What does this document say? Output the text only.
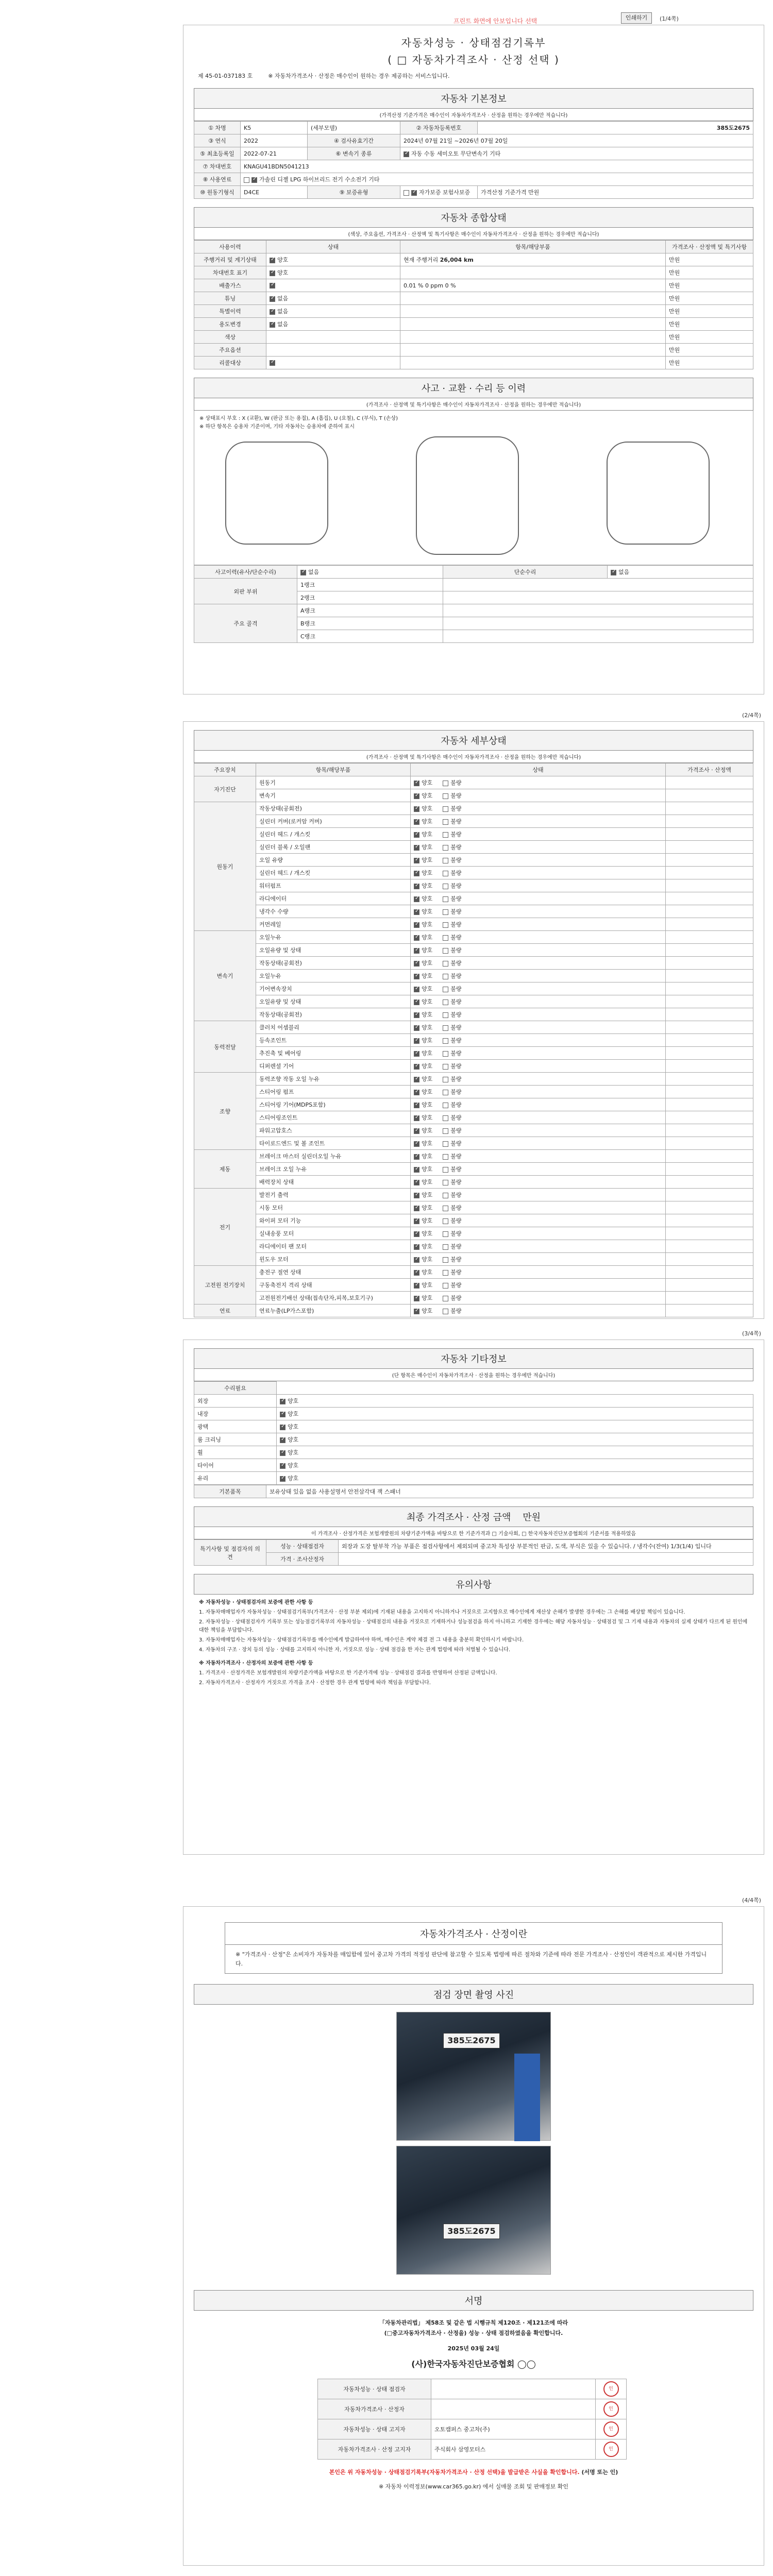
프린트 화면에 안보입니다 선택	인쇄하기	(1/4쪽)
자동차성능 · 상태점검기록부
( □ 자동차가격조사 · 산정 선택 )
제 45-01-037183 호	※ 자동차가격조사 · 산정은 매수인이 원하는 경우 제공하는 서비스입니다.
자동차 기본정보
(가격산정 기준가격은 매수인이 자동차가격조사 · 산정을 원하는 경우에만 적습니다)
① 차명	K5	(세부모델)	② 자동차등록번호	385도2675
③ 연식	2022	④ 검사유효기간	2024년 07월 21일 ~2026년 07월 20일	
⑤ 최초등록일	2022-07-21	⑥ 변속기 종류	✓자동 수동 세미오토 무단변속기 기타
⑦ 차대번호	KNAGU41BDN5041213			
⑧ 사용연료	✓가솔린 디젤 LPG 하이브리드 전기 수소전기 기타
⑩ 원동기형식	D4CE	⑨ 보증유형	✓자가보증 보험사보증	가격산정 기준가격 만원
자동차 종합상태
(색상, 주요옵션, 가격조사 · 산정액 및 특기사항은 매수인이 자동차가격조사 · 산정을 원하는 경우에만 적습니다)
사용이력	상태	항목/해당부품	가격조사 · 산정액 및 특기사항
주행거리 및 계기상태	✓양호	현재 주행거리 26,004 km	만원
차대번호 표기	✓양호		만원
배출가스	✓	0.01 % 0 ppm 0 %	만원
튜닝	✓없음		만원
특별이력	✓없음		만원
용도변경	✓없음		만원
색상			만원
주요옵션			만원
리콜대상	✓		만원
사고 · 교환 · 수리 등 이력
(가격조사 · 산정액 및 특기사항은 매수인이 자동차가격조사 · 산정을 원하는 경우에만 적습니다)
※ 상태표시 부호 : X (교환), W (판금 또는 용접), A (흠집), U (요철), C (부식), T (손상)
※ 하단 항목은 승용차 기준이며, 기타 자동차는 승용차에 준하여 표시
사고이력(유사/단순수리)	✓없음	단순수리	✓없음
외판 부위	1랭크		
	2랭크		
주요 골격	A랭크		
	B랭크		
	C랭크		
(2/4쪽)
자동차 세부상태
(가격조사 · 산정액 및 특기사항은 매수인이 자동차가격조사 · 산정을 원하는 경우에만 적습니다)
주요장치	항목/해당부품	상태	가격조사 · 산정액
자기진단	원동기	✓양호 불량	
	변속기	✓양호 불량	
원동기	작동상태(공회전)	✓양호 불량	
	실린더 커버(로커암 커버)	✓양호 불량	
	실린더 헤드 / 개스킷	✓양호 불량	
	실린더 블록 / 오일팬	✓양호 불량	
	오일 유량	✓양호 불량	
	실린더 헤드 / 개스킷	✓양호 불량	
	워터펌프	✓양호 불량	
	라디에이터	✓양호 불량	
	냉각수 수량	✓양호 불량	
	커먼레일	✓양호 불량	
변속기	오일누유	✓양호 불량	
	오일유량 및 상태	✓양호 불량	
	작동상태(공회전)	✓양호 불량	
	오일누유	✓양호 불량	
	기어변속장치	✓양호 불량	
	오일유량 및 상태	✓양호 불량	
	작동상태(공회전)	✓양호 불량	
동력전달	클러치 어셈블리	✓양호 불량	
	등속조인트	✓양호 불량	
	추진축 및 베어링	✓양호 불량	
	디퍼렌셜 기어	✓양호 불량	
조향	동력조향 작동 오일 누유	✓양호 불량	
	스티어링 펌프	✓양호 불량	
	스티어링 기어(MDPS포함)	✓양호 불량	
	스티어링조인트	✓양호 불량	
	파워고압호스	✓양호 불량	
	타이로드엔드 및 볼 조인트	✓양호 불량	
제동	브레이크 마스터 실린더오일 누유	✓양호 불량	
	브레이크 오일 누유	✓양호 불량	
	배력장치 상태	✓양호 불량	
전기	발전기 출력	✓양호 불량	
	시동 모터	✓양호 불량	
	와이퍼 모터 기능	✓양호 불량	
	실내송풍 모터	✓양호 불량	
	라디에이터 팬 모터	✓양호 불량	
	윈도우 모터	✓양호 불량	
고전원 전기장치	충전구 절연 상태	✓양호 불량	
	구동축전지 격리 상태	✓양호 불량	
	고전원전기배선 상태(접속단자,피복,보호기구)	✓양호 불량	
연료	연료누출(LP가스포함)	✓양호 불량	
(3/4쪽)
자동차 기타정보
(단 항목은 매수인이 자동차가격조사 · 산정을 원하는 경우에만 적습니다)
수리필요	
외장	✓양호
내장	✓양호
광택	✓양호
룸 크리닝	✓양호
휠	✓양호
타이어	✓양호
유리	✓양호
기본품목	보유상태 있음 없음 사용설명서 안전삼각대 잭 스패너
최종 가격조사 · 산정 금액 만원
이 가격조사 · 산정가격은 보험개발원의 차량기준가액을 바탕으로 한 기준가격과 □ 기술사회, □ 한국자동차진단보증협회의 기준서를 적용하였음
특기사항 및 점검자의 의견	성능 · 상태점검자	외장과 도장 탈부착 가능 부품은 점검사항에서 제외되며 중고차 특성상 부분적인 판금, 도색, 부식은 있을 수 있습니다. / 냉각수(잔여) 1/3(1/4) 입니다
	가격 · 조사산정자	
유의사항

※ 자동차성능 · 상태점검자의 보증에 관한 사항 등

1. 자동차매매업자가 자동차성능 · 상태점검기록부(가격조사 · 산정 부분 제외)에 기재된 내용을 고지하지 아니하거나 거짓으로 고지함으로 매수인에게 재산상 손해가 발생한 경우에는 그 손해를 배상할 책임이 있습니다.

2. 자동차성능 · 상태점검자가 기록부 또는 성능점검기록부의 자동차성능 · 상태점검의 내용을 거짓으로 기재하거나 성능점검을 하지 아니하고 기재한 경우에는 해당 자동차성능 · 상태점검 및 그 기재 내용과 자동차의 실제 상태가 다르게 된 원인에 대한 책임을 부담합니다.

3. 자동차매매업자는 자동차성능 · 상태점검기록부를 매수인에게 발급하여야 하며, 매수인은 계약 체결 전 그 내용을 충분히 확인하시기 바랍니다.

4. 자동차의 구조 · 장치 등의 성능 · 상태를 고지하지 아니한 자, 거짓으로 성능 · 상태 점검을 한 자는 관계 법령에 따라 처벌될 수 있습니다.

※ 자동차가격조사 · 산정자의 보증에 관한 사항 등

1. 가격조사 · 산정가격은 보험개발원의 차량기준가액을 바탕으로 한 기준가격에 성능 · 상태점검 결과를 반영하여 산정된 금액입니다.

2. 자동차가격조사 · 산정자가 거짓으로 가격을 조사 · 산정한 경우 관계 법령에 따라 책임을 부담합니다.

(4/4쪽)
자동차가격조사 · 산정이란
※ "가격조사 · 산정"은 소비자가 자동차를 매입함에 있어 중고차 가격의 적정성 판단에 참고할 수 있도록 법령에 따른 절차와 기준에 따라 전문 가격조사 · 산정인이 객관적으로 제시한 가격입니다.
점검 장면 촬영 사진
385도2675
385도2675
서명
「자동차관리법」 제58조 및 같은 법 시행규칙 제120조 · 제121조에 따라
(□중고자동차가격조사 · 산정을) 성능 · 상태 점검하였음을 확인합니다.
2025년 03월 24일
(사)한국자동차진단보증협회 ◯◯
자동차성능 · 상태 점검자		인
자동차가격조사 · 산정자		인
자동차성능 · 상태 고지자	오토캠퍼스 중고차(주)	인
자동차가격조사 · 산정 고지자	주식회사 삼영모터스	인
본인은 위 자동차성능 · 상태점검기록부(자동차가격조사 · 산정 선택)을 발급받은 사실을 확인합니다. (서명 또는 인)
※ 자동차 이력정보(www.car365.go.kr) 에서 실매물 조회 및 판매정보 확인
